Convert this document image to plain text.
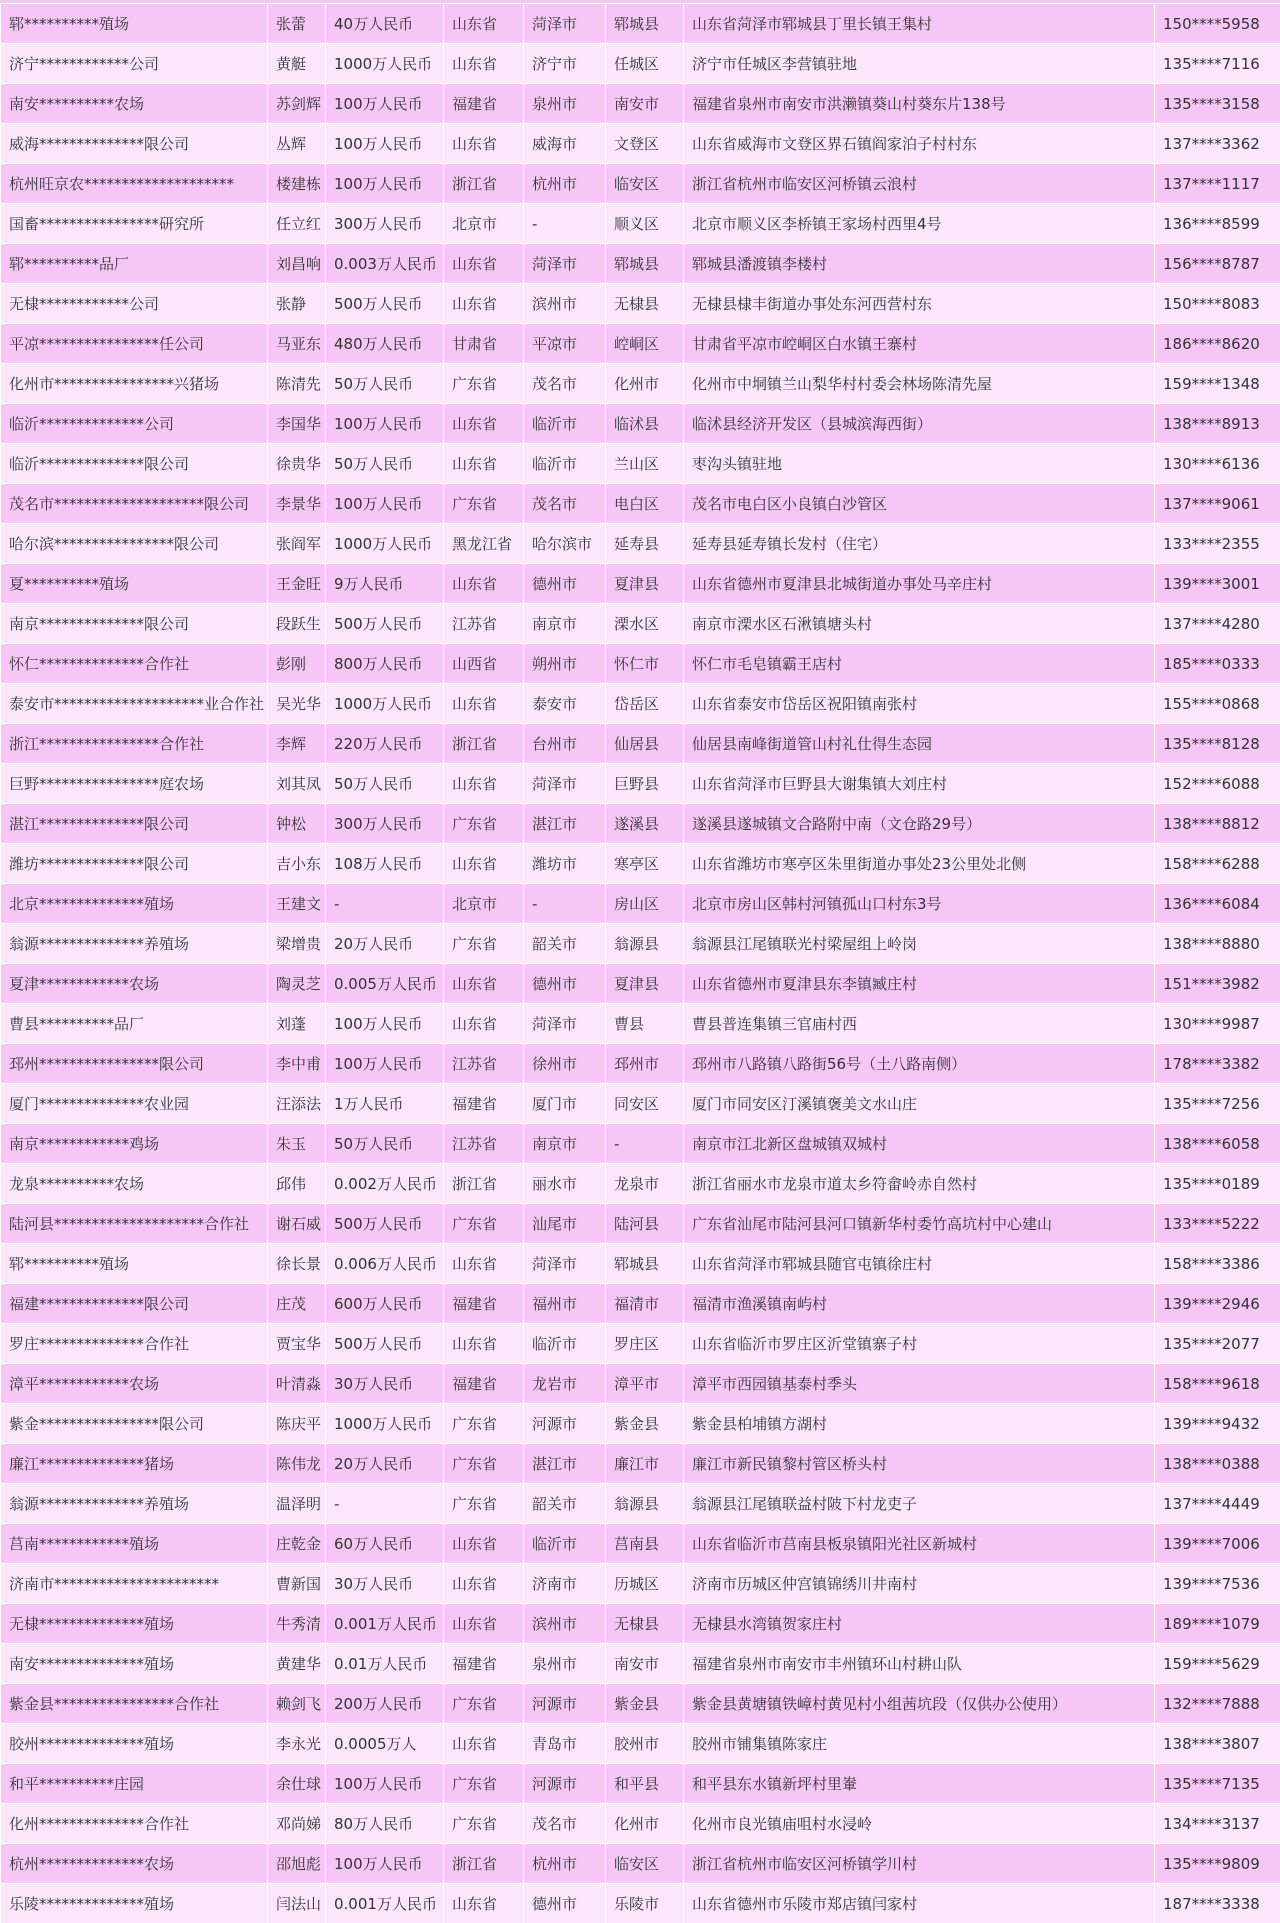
郓**********殖场	张蕾	40万人民币	山东省	菏泽市	郓城县	山东省菏泽市郓城县丁里长镇王集村	150****5958
济宁************公司	黄艇	1000万人民币	山东省	济宁市	任城区	济宁市任城区李营镇驻地	135****7116
南安**********农场	苏剑辉	100万人民币	福建省	泉州市	南安市	福建省泉州市南安市洪濑镇葵山村葵东片138号	135****3158
威海**************限公司	丛辉	100万人民币	山东省	威海市	文登区	山东省威海市文登区界石镇阎家泊子村村东	137****3362
杭州旺京农********************	楼建栋	100万人民币	浙江省	杭州市	临安区	浙江省杭州市临安区河桥镇云浪村	137****1117
国畜****************研究所	任立红	300万人民币	北京市	-	顺义区	北京市顺义区李桥镇王家场村西里4号	136****8599
郓**********品厂	刘昌响	0.003万人民币	山东省	菏泽市	郓城县	郓城县潘渡镇李楼村	156****8787
无棣************公司	张静	500万人民币	山东省	滨州市	无棣县	无棣县棣丰街道办事处东河西营村东	150****8083
平凉****************任公司	马亚东	480万人民币	甘肃省	平凉市	崆峒区	甘肃省平凉市崆峒区白水镇王寨村	186****8620
化州市****************兴猪场	陈清先	50万人民币	广东省	茂名市	化州市	化州市中垌镇兰山梨华村村委会林场陈清先屋	159****1348
临沂**************公司	李国华	100万人民币	山东省	临沂市	临沭县	临沭县经济开发区（县城滨海西街）	138****8913
临沂**************限公司	徐贵华	50万人民币	山东省	临沂市	兰山区	枣沟头镇驻地	130****6136
茂名市********************限公司	李景华	100万人民币	广东省	茂名市	电白区	茂名市电白区小良镇白沙管区	137****9061
哈尔滨****************限公司	张阎军	1000万人民币	黑龙江省	哈尔滨市	延寿县	延寿县延寿镇长发村（住宅）	133****2355
夏**********殖场	王金旺	9万人民币	山东省	德州市	夏津县	山东省德州市夏津县北城街道办事处马辛庄村	139****3001
南京**************限公司	段跃生	500万人民币	江苏省	南京市	溧水区	南京市溧水区石湫镇塘头村	137****4280
怀仁**************合作社	彭刚	800万人民币	山西省	朔州市	怀仁市	怀仁市毛皂镇霸王店村	185****0333
泰安市********************业合作社	吴光华	1000万人民币	山东省	泰安市	岱岳区	山东省泰安市岱岳区祝阳镇南张村	155****0868
浙江****************合作社	李辉	220万人民币	浙江省	台州市	仙居县	仙居县南峰街道管山村礼仕得生态园	135****8128
巨野****************庭农场	刘其凤	50万人民币	山东省	菏泽市	巨野县	山东省菏泽市巨野县大谢集镇大刘庄村	152****6088
湛江**************限公司	钟松	300万人民币	广东省	湛江市	遂溪县	遂溪县遂城镇文合路附中南（文仓路29号）	138****8812
潍坊**************限公司	吉小东	108万人民币	山东省	潍坊市	寒亭区	山东省潍坊市寒亭区朱里街道办事处23公里处北侧	158****6288
北京**************殖场	王建文	-	北京市	-	房山区	北京市房山区韩村河镇孤山口村东3号	136****6084
翁源**************养殖场	梁增贵	20万人民币	广东省	韶关市	翁源县	翁源县江尾镇联光村梁屋组上岭岗	138****8880
夏津************农场	陶灵芝	0.005万人民币	山东省	德州市	夏津县	山东省德州市夏津县东李镇臧庄村	151****3982
曹县**********品厂	刘蓬	100万人民币	山东省	菏泽市	曹县	曹县普连集镇三官庙村西	130****9987
邳州****************限公司	李中甫	100万人民币	江苏省	徐州市	邳州市	邳州市八路镇八路街56号（土八路南侧）	178****3382
厦门**************农业园	汪添法	1万人民币	福建省	厦门市	同安区	厦门市同安区汀溪镇褒美文水山庄	135****7256
南京************鸡场	朱玉	50万人民币	江苏省	南京市	-	南京市江北新区盘城镇双城村	138****6058
龙泉**********农场	邱伟	0.002万人民币	浙江省	丽水市	龙泉市	浙江省丽水市龙泉市道太乡符畲岭赤自然村	135****0189
陆河县********************合作社	谢石威	500万人民币	广东省	汕尾市	陆河县	广东省汕尾市陆河县河口镇新华村委竹高坑村中心建山	133****5222
郓**********殖场	徐长景	0.006万人民币	山东省	菏泽市	郓城县	山东省菏泽市郓城县随官屯镇徐庄村	158****3386
福建**************限公司	庄茂	600万人民币	福建省	福州市	福清市	福清市渔溪镇南屿村	139****2946
罗庄**************合作社	贾宝华	500万人民币	山东省	临沂市	罗庄区	山东省临沂市罗庄区沂堂镇寨子村	135****2077
漳平************农场	叶清淼	30万人民币	福建省	龙岩市	漳平市	漳平市西园镇基泰村季头	158****9618
紫金****************限公司	陈庆平	1000万人民币	广东省	河源市	紫金县	紫金县柏埔镇方湖村	139****9432
廉江**************猪场	陈伟龙	20万人民币	广东省	湛江市	廉江市	廉江市新民镇黎村管区桥头村	138****0388
翁源**************养殖场	温泽明	-	广东省	韶关市	翁源县	翁源县江尾镇联益村陂下村龙吏子	137****4449
莒南************殖场	庄乾金	60万人民币	山东省	临沂市	莒南县	山东省临沂市莒南县板泉镇阳光社区新城村	139****7006
济南市**********************	曹新国	30万人民币	山东省	济南市	历城区	济南市历城区仲宫镇锦绣川井南村	139****7536
无棣**************殖场	牛秀清	0.001万人民币	山东省	滨州市	无棣县	无棣县水湾镇贺家庄村	189****1079
南安**************殖场	黄建华	0.01万人民币	福建省	泉州市	南安市	福建省泉州市南安市丰州镇环山村耕山队	159****5629
紫金县****************合作社	赖剑飞	200万人民币	广东省	河源市	紫金县	紫金县黄塘镇铁嶂村黄见村小组茜坑段（仅供办公使用）	132****7888
胶州**************殖场	李永光	0.0005万人	山东省	青岛市	胶州市	胶州市铺集镇陈家庄	138****3807
和平**********庄园	余仕球	100万人民币	广东省	河源市	和平县	和平县东水镇新坪村里輋	135****7135
化州**************合作社	邓尚娣	80万人民币	广东省	茂名市	化州市	化州市良光镇庙咀村水浸岭	134****3137
杭州**************农场	邵旭彪	100万人民币	浙江省	杭州市	临安区	浙江省杭州市临安区河桥镇学川村	135****9809
乐陵**************殖场	闫法山	0.001万人民币	山东省	德州市	乐陵市	山东省德州市乐陵市郑店镇闫家村	187****3338
